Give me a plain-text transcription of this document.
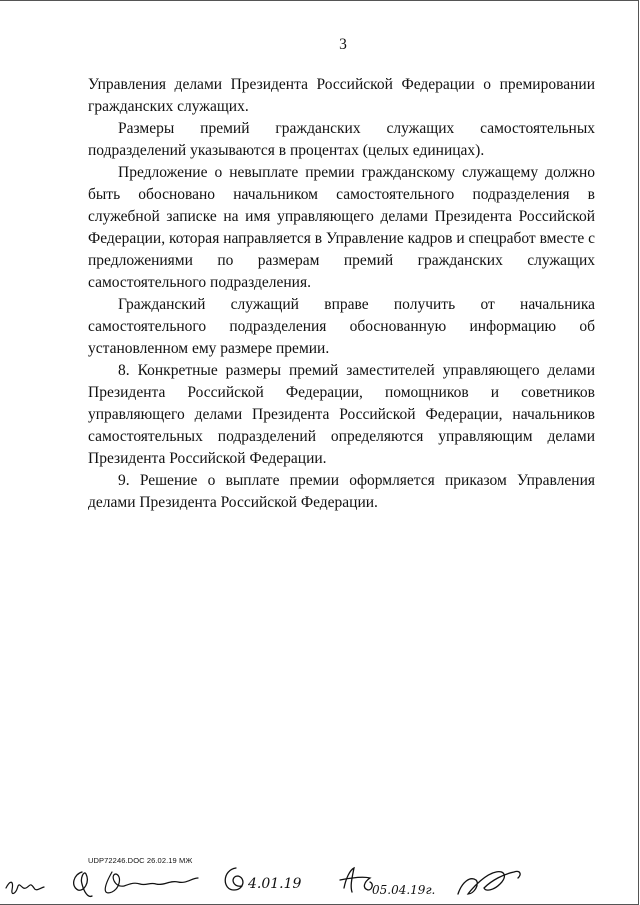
3

Управления делами Президента Российской Федерации о премировании гражданских служащих.

Размеры премий гражданских служащих самостоятельных подразделений указываются в процентах (целых единицах).

Предложение о невыплате премии гражданскому служащему должно быть обосновано начальником самостоятельного подразделения в служебной записке на имя управляющего делами Президента Российской Федерации, которая направляется в Управление кадров и спецработ вместе с предложениями по размерам премий гражданских служащих самостоятельного подразделения.

Гражданский служащий вправе получить от начальника самостоятельного подразделения обоснованную информацию об установленном ему размере премии.

8. Конкретные размеры премий заместителей управляющего делами Президента Российской Федерации, помощников и советников управляющего делами Президента Российской Федерации, начальников самостоятельных подразделений определяются управляющим делами Президента Российской Федерации.

9. Решение о выплате премии оформляется приказом Управления делами Президента Российской Федерации.

UDP72246.DOC 26.02.19 МЖ
4.01.19	05.04.19г.
